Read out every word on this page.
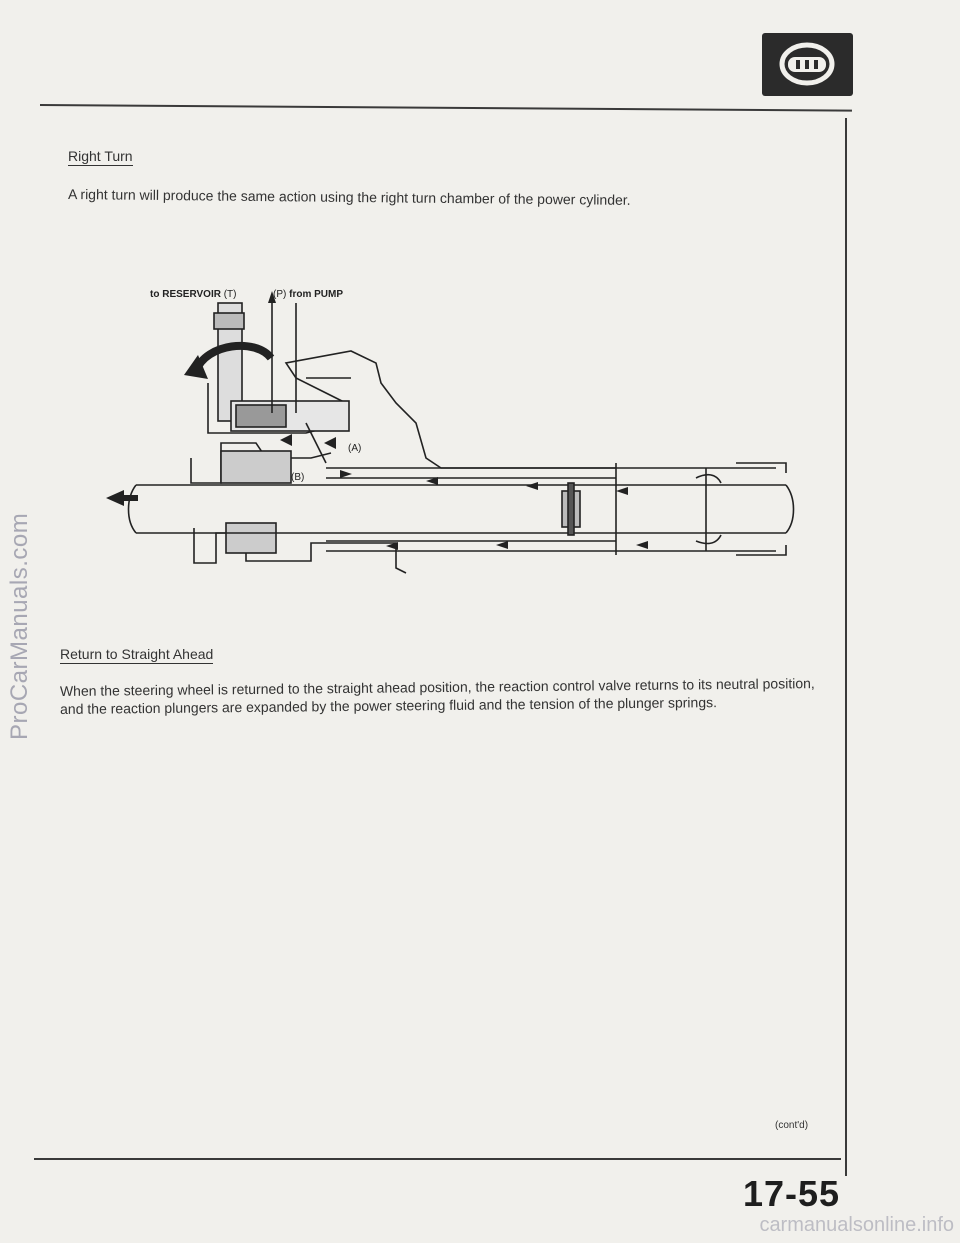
ProCarManuals.com
carmanualsonline.info
Right Turn
A right turn will produce the same action using the right turn chamber of the power cylinder.
to RESERVOIR (T)	(P) from PUMP
(A)
(B)
Return to Straight Ahead
When the steering wheel is returned to the straight ahead position, the reaction control valve returns to its neutral position, and the reaction plungers are expanded by the power steering fluid and the tension of the plunger springs.
(cont'd)
17-55
